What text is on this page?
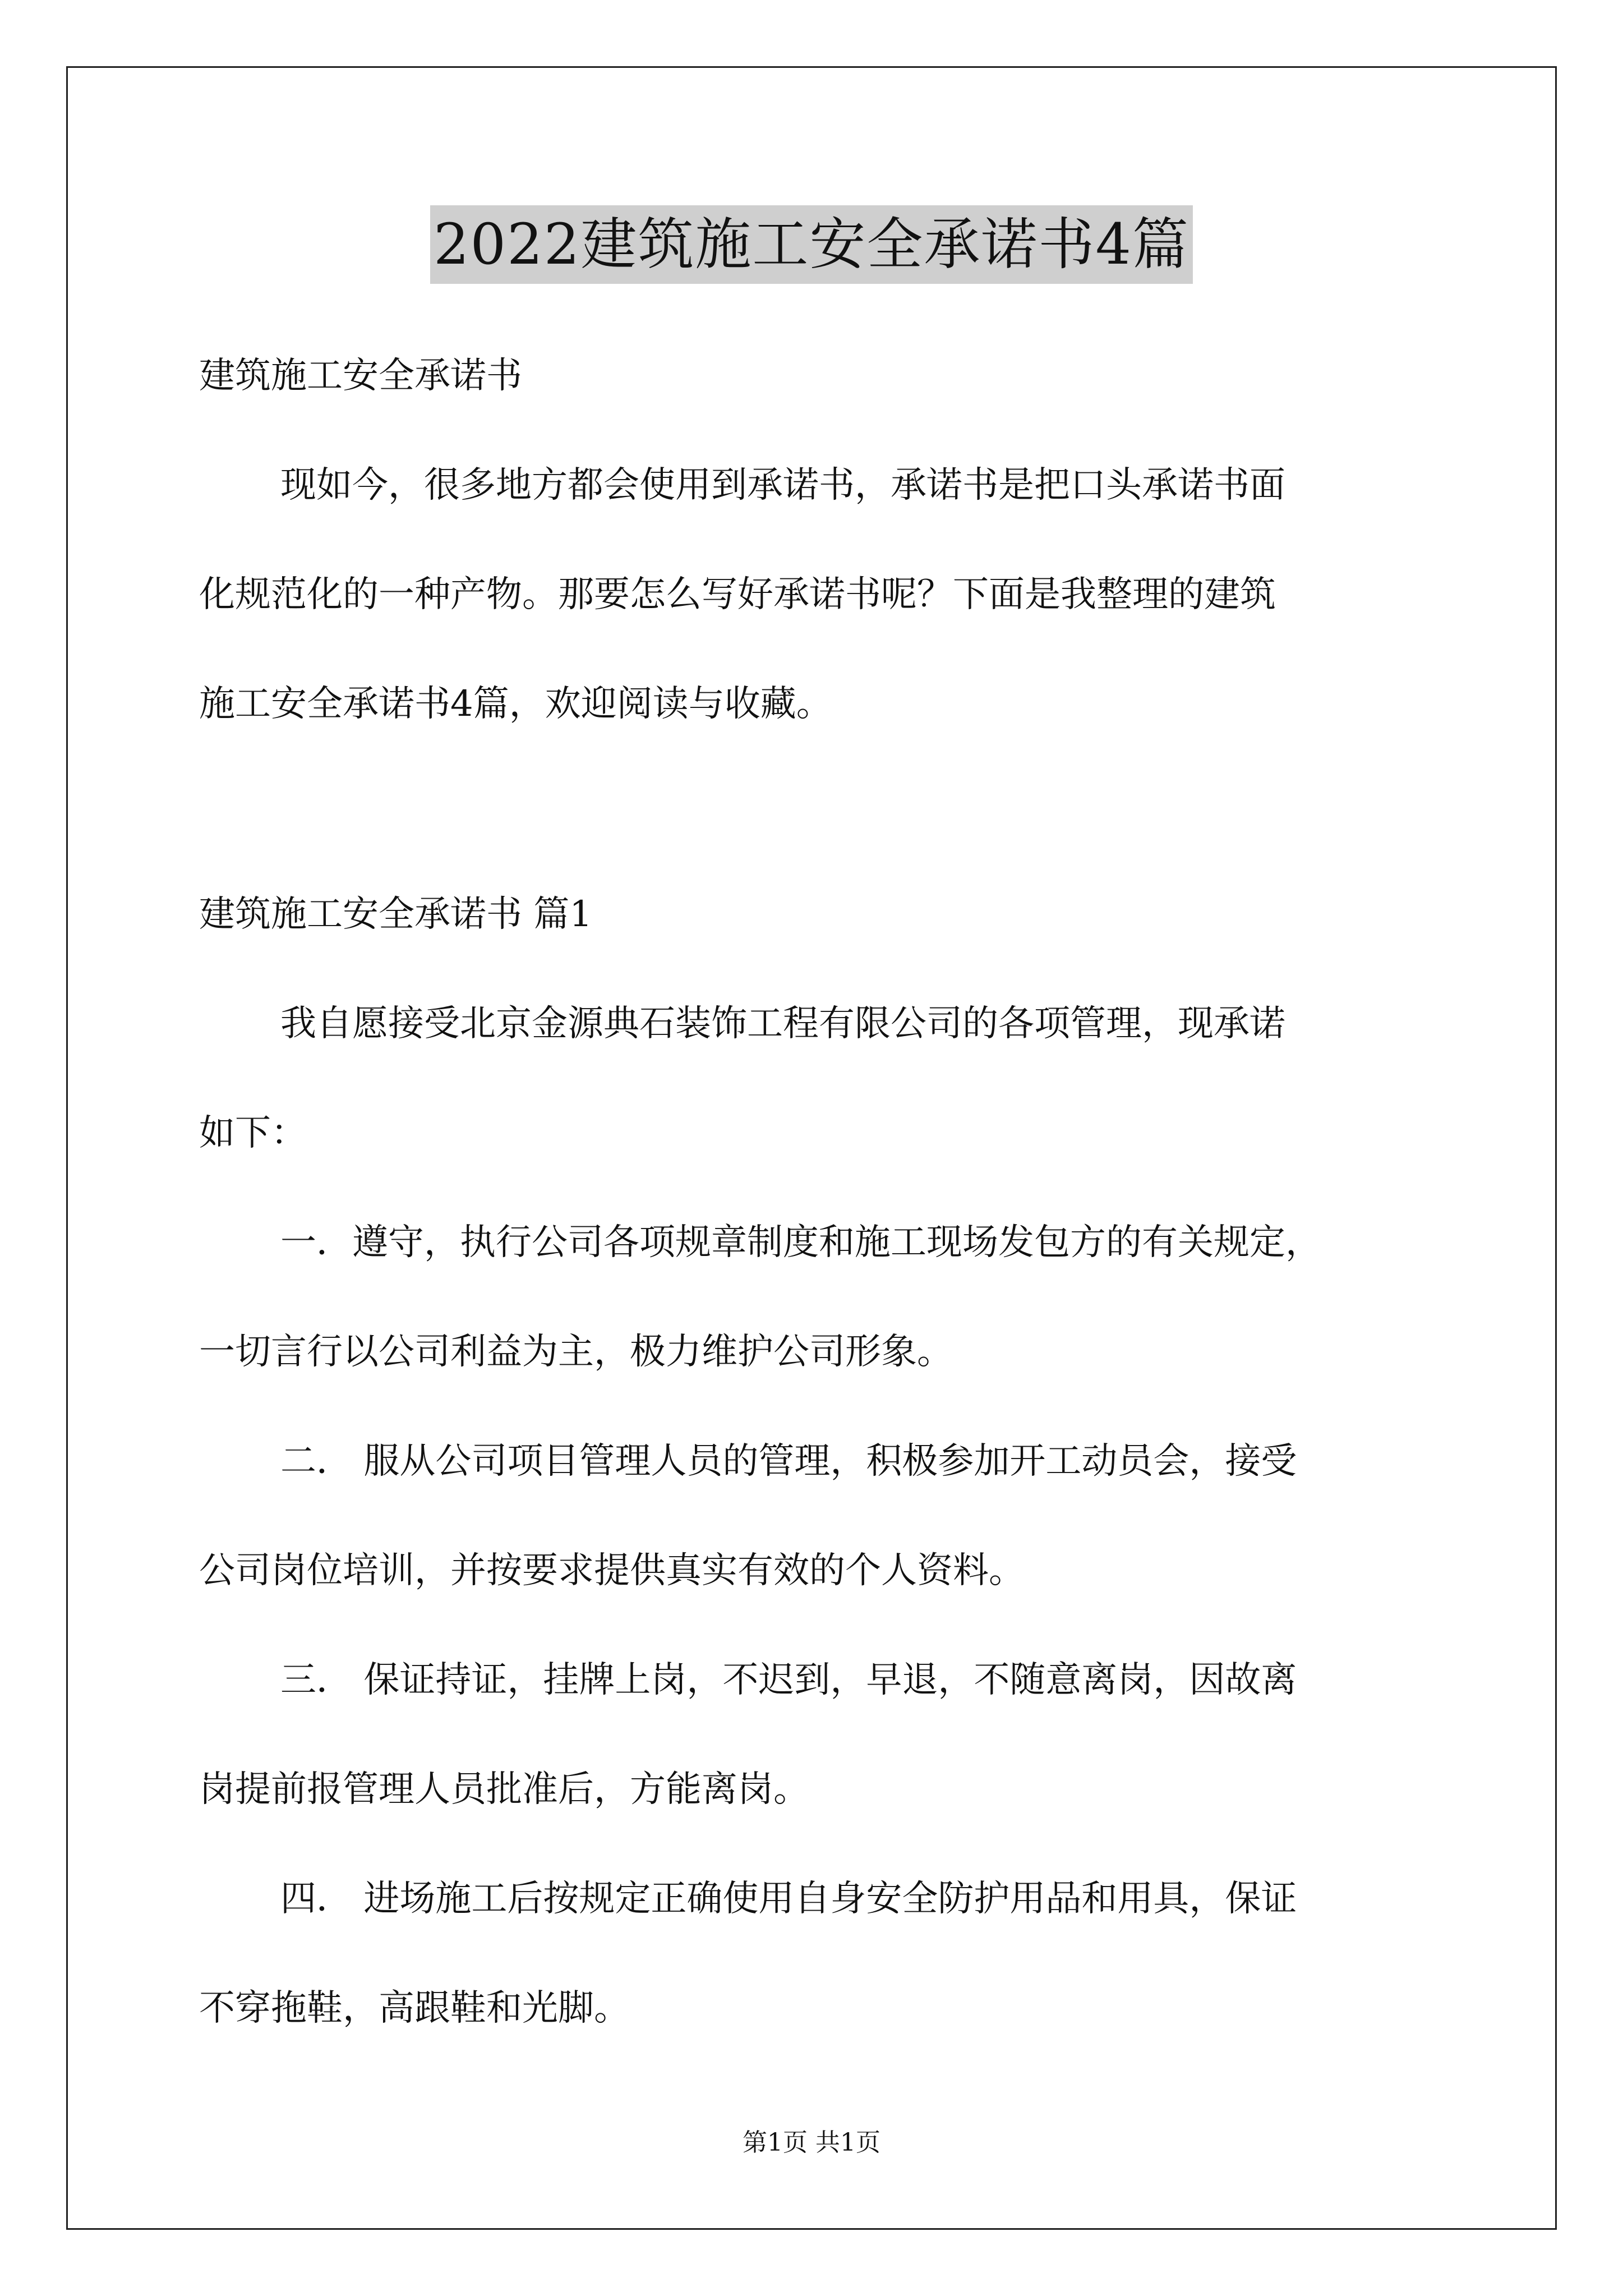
2022建筑施工安全承诺书4篇
建筑施工安全承诺书
现如今，很多地方都会使用到承诺书，承诺书是把口头承诺书面
化规范化的一种产物。那要怎么写好承诺书呢？下面是我整理的建筑
施工安全承诺书4篇，欢迎阅读与收藏。
建筑施工安全承诺书 篇1
我自愿接受北京金源典石装饰工程有限公司的各项管理，现承诺
如下：
一．遵守，执行公司各项规章制度和施工现场发包方的有关规定，
一切言行以公司利益为主，极力维护公司形象。
二． 服从公司项目管理人员的管理，积极参加开工动员会，接受
公司岗位培训，并按要求提供真实有效的个人资料。
三． 保证持证，挂牌上岗，不迟到，早退，不随意离岗，因故离
岗提前报管理人员批准后，方能离岗。
四． 进场施工后按规定正确使用自身安全防护用品和用具，保证
不穿拖鞋，高跟鞋和光脚。
第1页 共1页
